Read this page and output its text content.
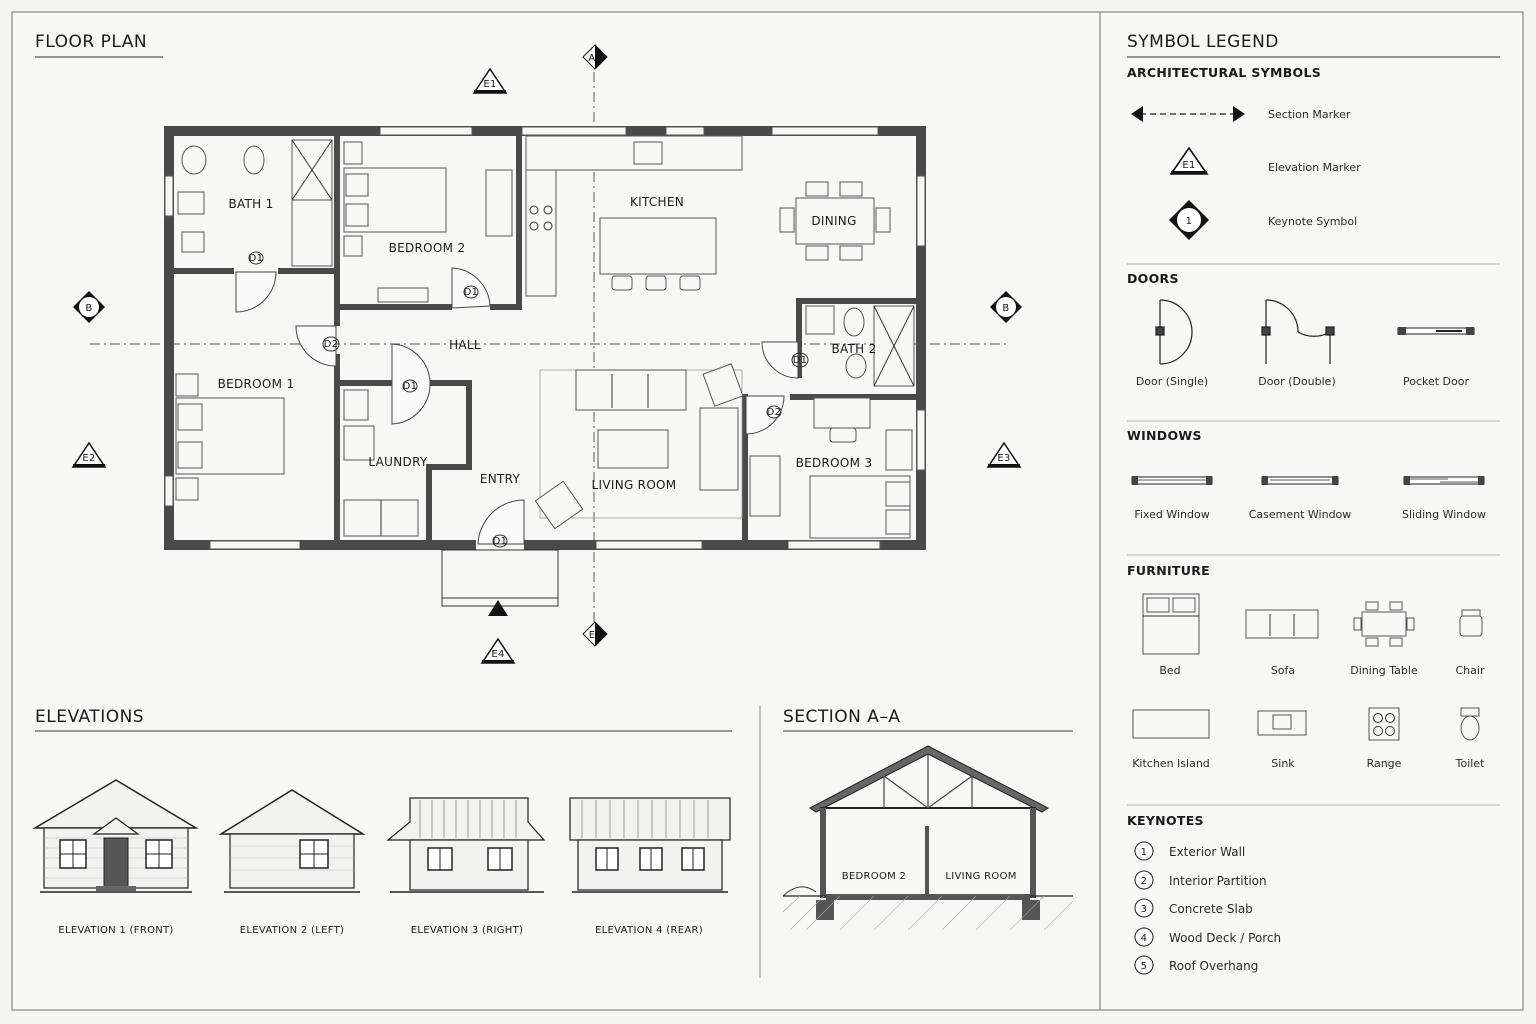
FLOOR PLAN
D1
D1
D2
D1
D1
D1
D2
BATH 1
BEDROOM 2
KITCHEN
DINING
HALL
BEDROOM 1
BATH 2
LAUNDRY
ENTRY	LIVING ROOM
BEDROOM 3
A
E
B	B
E1
E2	E3
E4
ELEVATIONS
ELEVATION 1 (FRONT)	ELEVATION 2 (LEFT)	ELEVATION 3 (RIGHT)	ELEVATION 4 (REAR)
SECTION A–A
BEDROOM 2	LIVING ROOM
SYMBOL LEGEND
ARCHITECTURAL SYMBOLS
Section Marker
E1	Elevation Marker
1	Keynote Symbol
DOORS
Door (Single)	Door (Double)	Pocket Door
WINDOWS
Fixed Window	Casement Window	Sliding Window
FURNITURE
Bed	Sofa	Dining Table	Chair
Kitchen Island	Sink	Range	Toilet
KEYNOTES
1 Exterior Wall
2 Interior Partition
3 Concrete Slab
4 Wood Deck / Porch
5 Roof Overhang
